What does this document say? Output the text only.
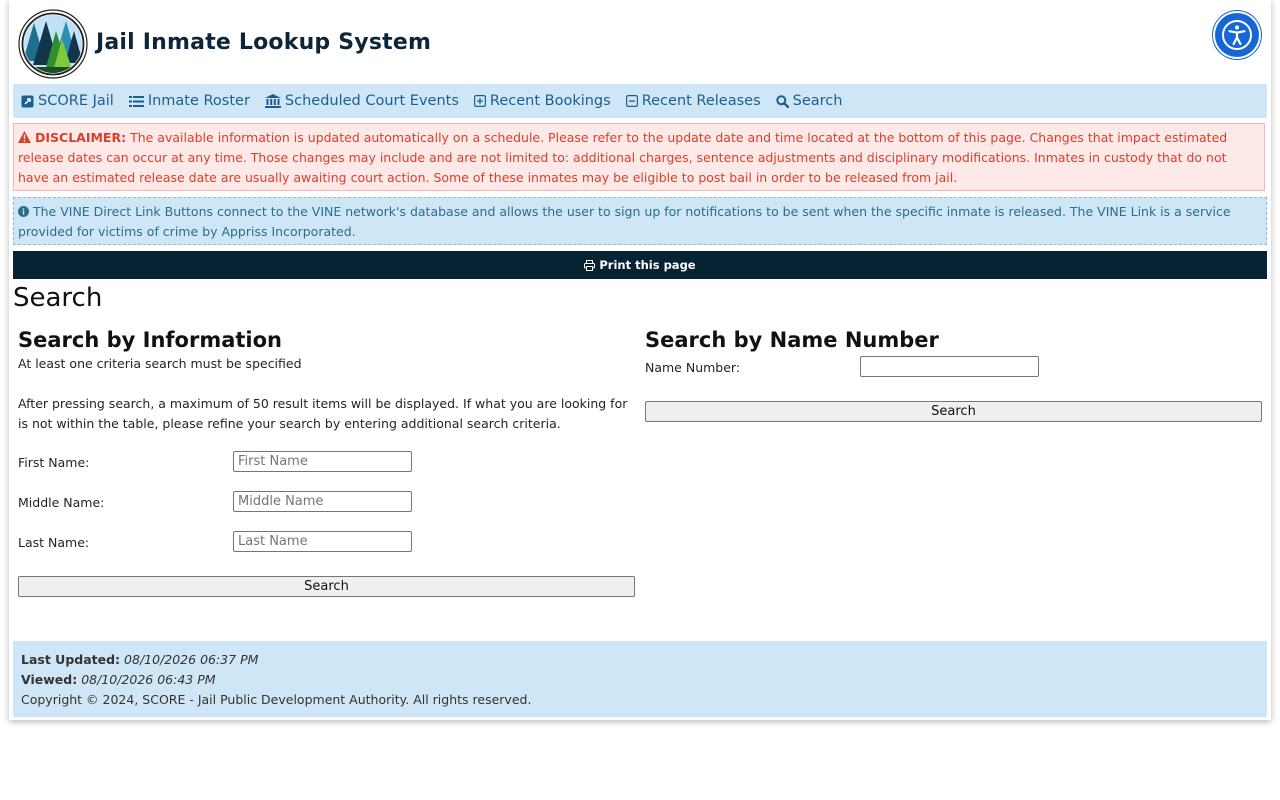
Jail Inmate Lookup System
SCORE Jail Inmate Roster Scheduled Court Events Recent Bookings Recent Releases Search
DISCLAIMER: The available information is updated automatically on a schedule. Please refer to the update date and time located at the bottom of this page. Changes that impact estimated release dates can occur at any time. Those changes may include and are not limited to: additional charges, sentence adjustments and disciplinary modifications. Inmates in custody that do not have an estimated release date are usually awaiting court action. Some of these inmates may be eligible to post bail in order to be released from jail.
The VINE Direct Link Buttons connect to the VINE network's database and allows the user to sign up for notifications to be sent when the specific inmate is released. The VINE Link is a service provided for victims of crime by Appriss Incorporated.
Print this page
Search
Search by Information
At least one criteria search must be specified
After pressing search, a maximum of 50 result items will be displayed. If what you are looking for is not within the table, please refine your search by entering additional search criteria.
First Name:
First Name
Middle Name:
Middle Name
Last Name:
Last Name
Search
Search by Name Number
Name Number:
Search
Last Updated: 08/10/2026 06:37 PM
Viewed: 08/10/2026 06:43 PM
Copyright © 2024, SCORE - Jail Public Development Authority. All rights reserved.
